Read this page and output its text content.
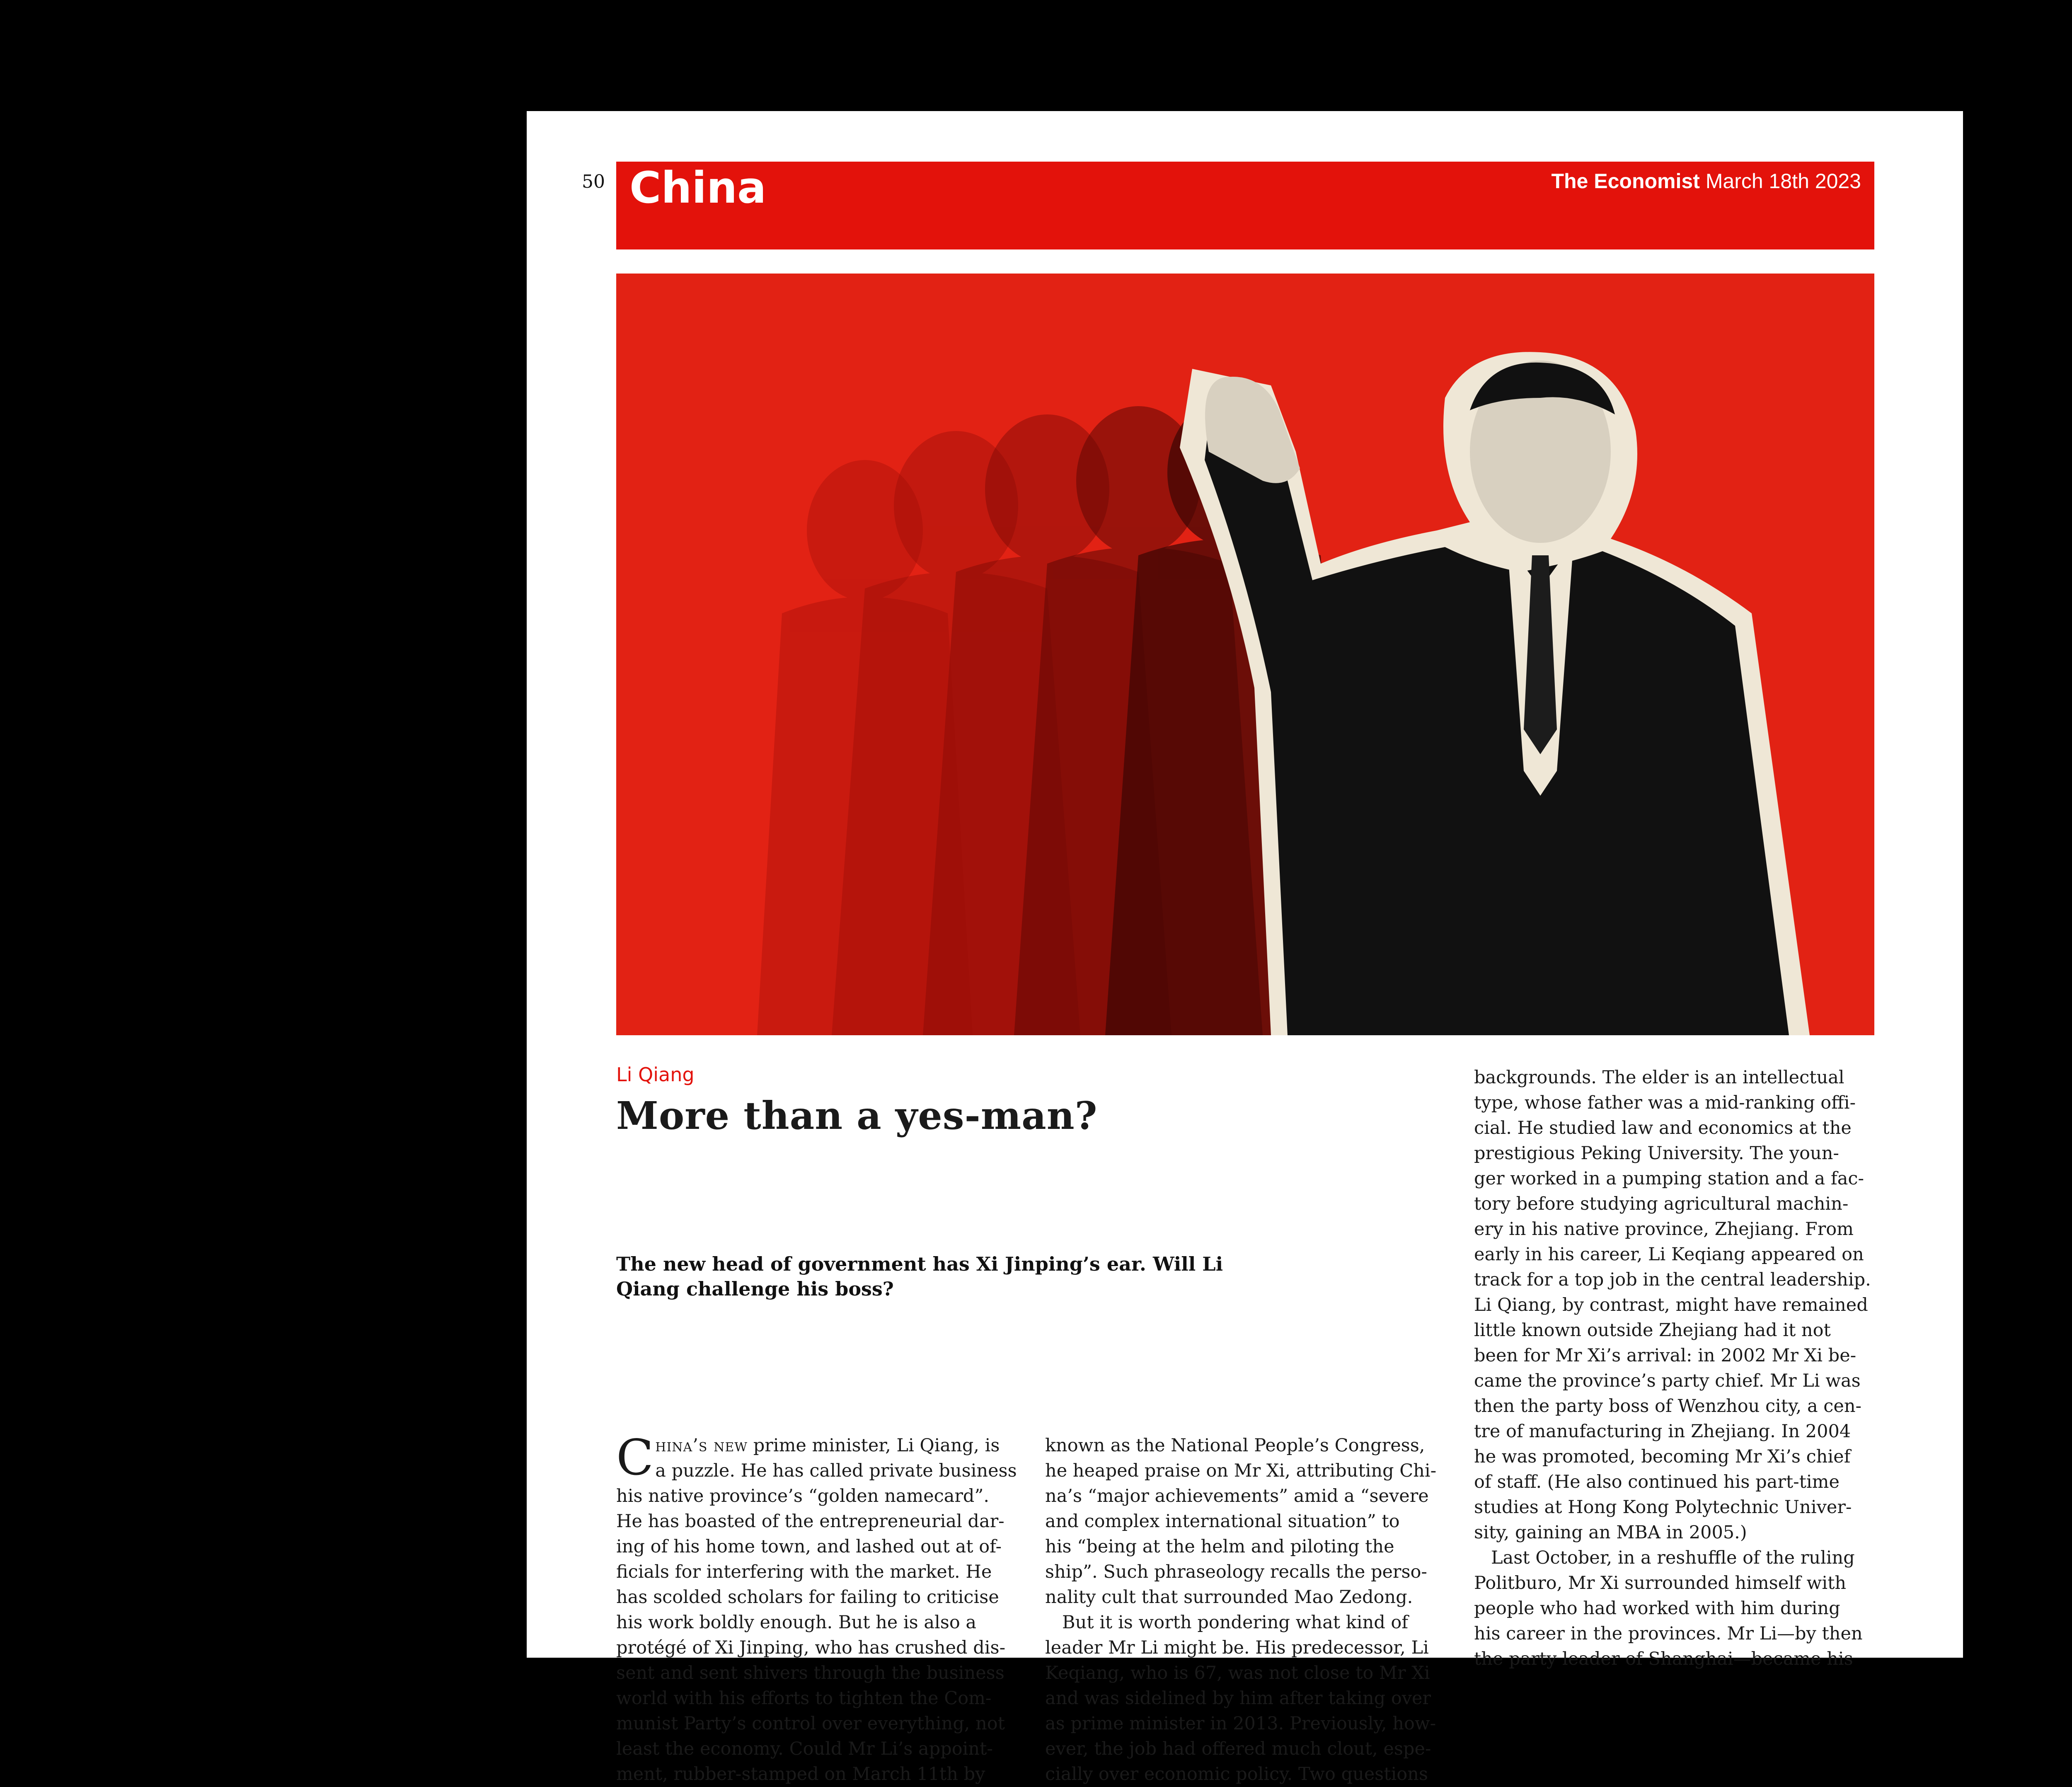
50 China	The Economist March 18th 2023
Li Qiang
More than a yes-man?
The new head of government has Xi Jinping’s ear. Will Li Qiang challenge his boss?
C hina’s new prime minister, Li Qiang, is
a puzzle. He has called private business
his native province’s “golden namecard”.
He has boasted of the entrepreneurial dar-
ing of his home town, and lashed out at of-
ficials for interfering with the market. He
has scolded scholars for failing to criticise
his work boldly enough. But he is also a
protégé of Xi Jinping, who has crushed dis-
sent and sent shivers through the business
world with his efforts to tighten the Com-
munist Party’s control over everything, not
least the economy. Could Mr Li’s appoint-
ment, rubber-stamped on March 11th by
known as the National People’s Congress,
he heaped praise on Mr Xi, attributing Chi-
na’s “major achievements” amid a “severe
and complex international situation” to
his “being at the helm and piloting the
ship”. Such phraseology recalls the perso-
nality cult that surrounded Mao Zedong.
But it is worth pondering what kind of
leader Mr Li might be. His predecessor, Li
Keqiang, who is 67, was not close to Mr Xi
and was sidelined by him after taking over
as prime minister in 2013. Previously, how-
ever, the job had offered much clout, espe-
cially over economic policy. Two questions
backgrounds. The elder is an intellectual
type, whose father was a mid-ranking offi-
cial. He studied law and economics at the
prestigious Peking University. The youn-
ger worked in a pumping station and a fac-
tory before studying agricultural machin-
ery in his native province, Zhejiang. From
early in his career, Li Keqiang appeared on
track for a top job in the central leadership.
Li Qiang, by contrast, might have remained
little known outside Zhejiang had it not
been for Mr Xi’s arrival: in 2002 Mr Xi be-
came the province’s party chief. Mr Li was
then the party boss of Wenzhou city, a cen-
tre of manufacturing in Zhejiang. In 2004
he was promoted, becoming Mr Xi’s chief
of staff. (He also continued his part-time
studies at Hong Kong Polytechnic Univer-
sity, gaining an MBA in 2005.)
Last October, in a reshuffle of the ruling
Politburo, Mr Xi surrounded himself with
people who had worked with him during
his career in the provinces. Mr Li—by then
the party leader of Shanghai—became his
